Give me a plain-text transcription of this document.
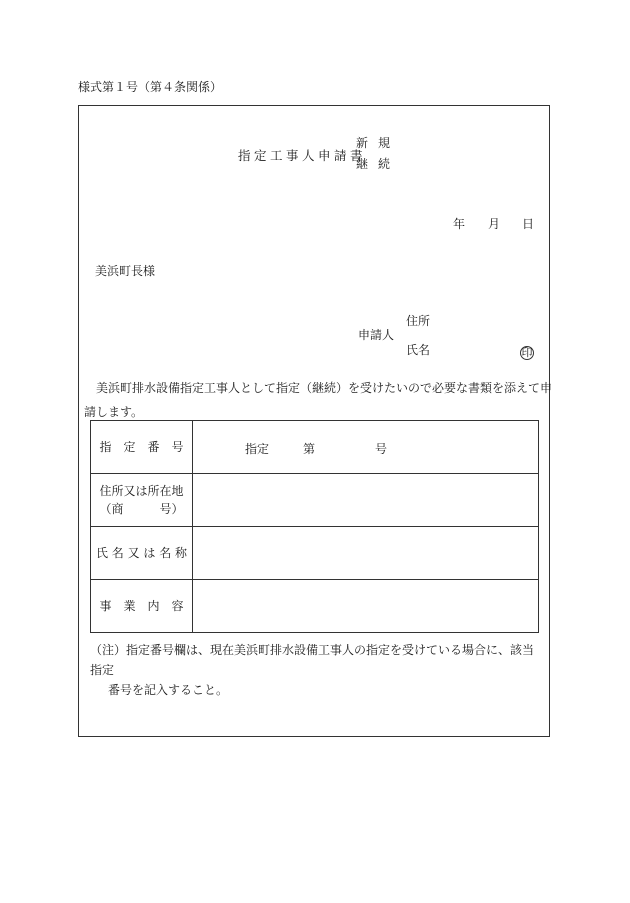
様式第１号（第４条関係）
指定工事人申請書
新規
継続
年 月 日
美浜町長様
住所
申請人
氏名	印
美浜町排水設備指定工事人として指定（継続）を受けたいので必要な書類を添えて申請します。
指　定　番　号	指定 第 号

住所又は所在地
（商　　　号）	

氏 名 又 は 名 称	
事　業　内　容	
（注）指定番号欄は、現在美浜町排水設備工事人の指定を受けている場合に、該当指定
番号を記入すること。
